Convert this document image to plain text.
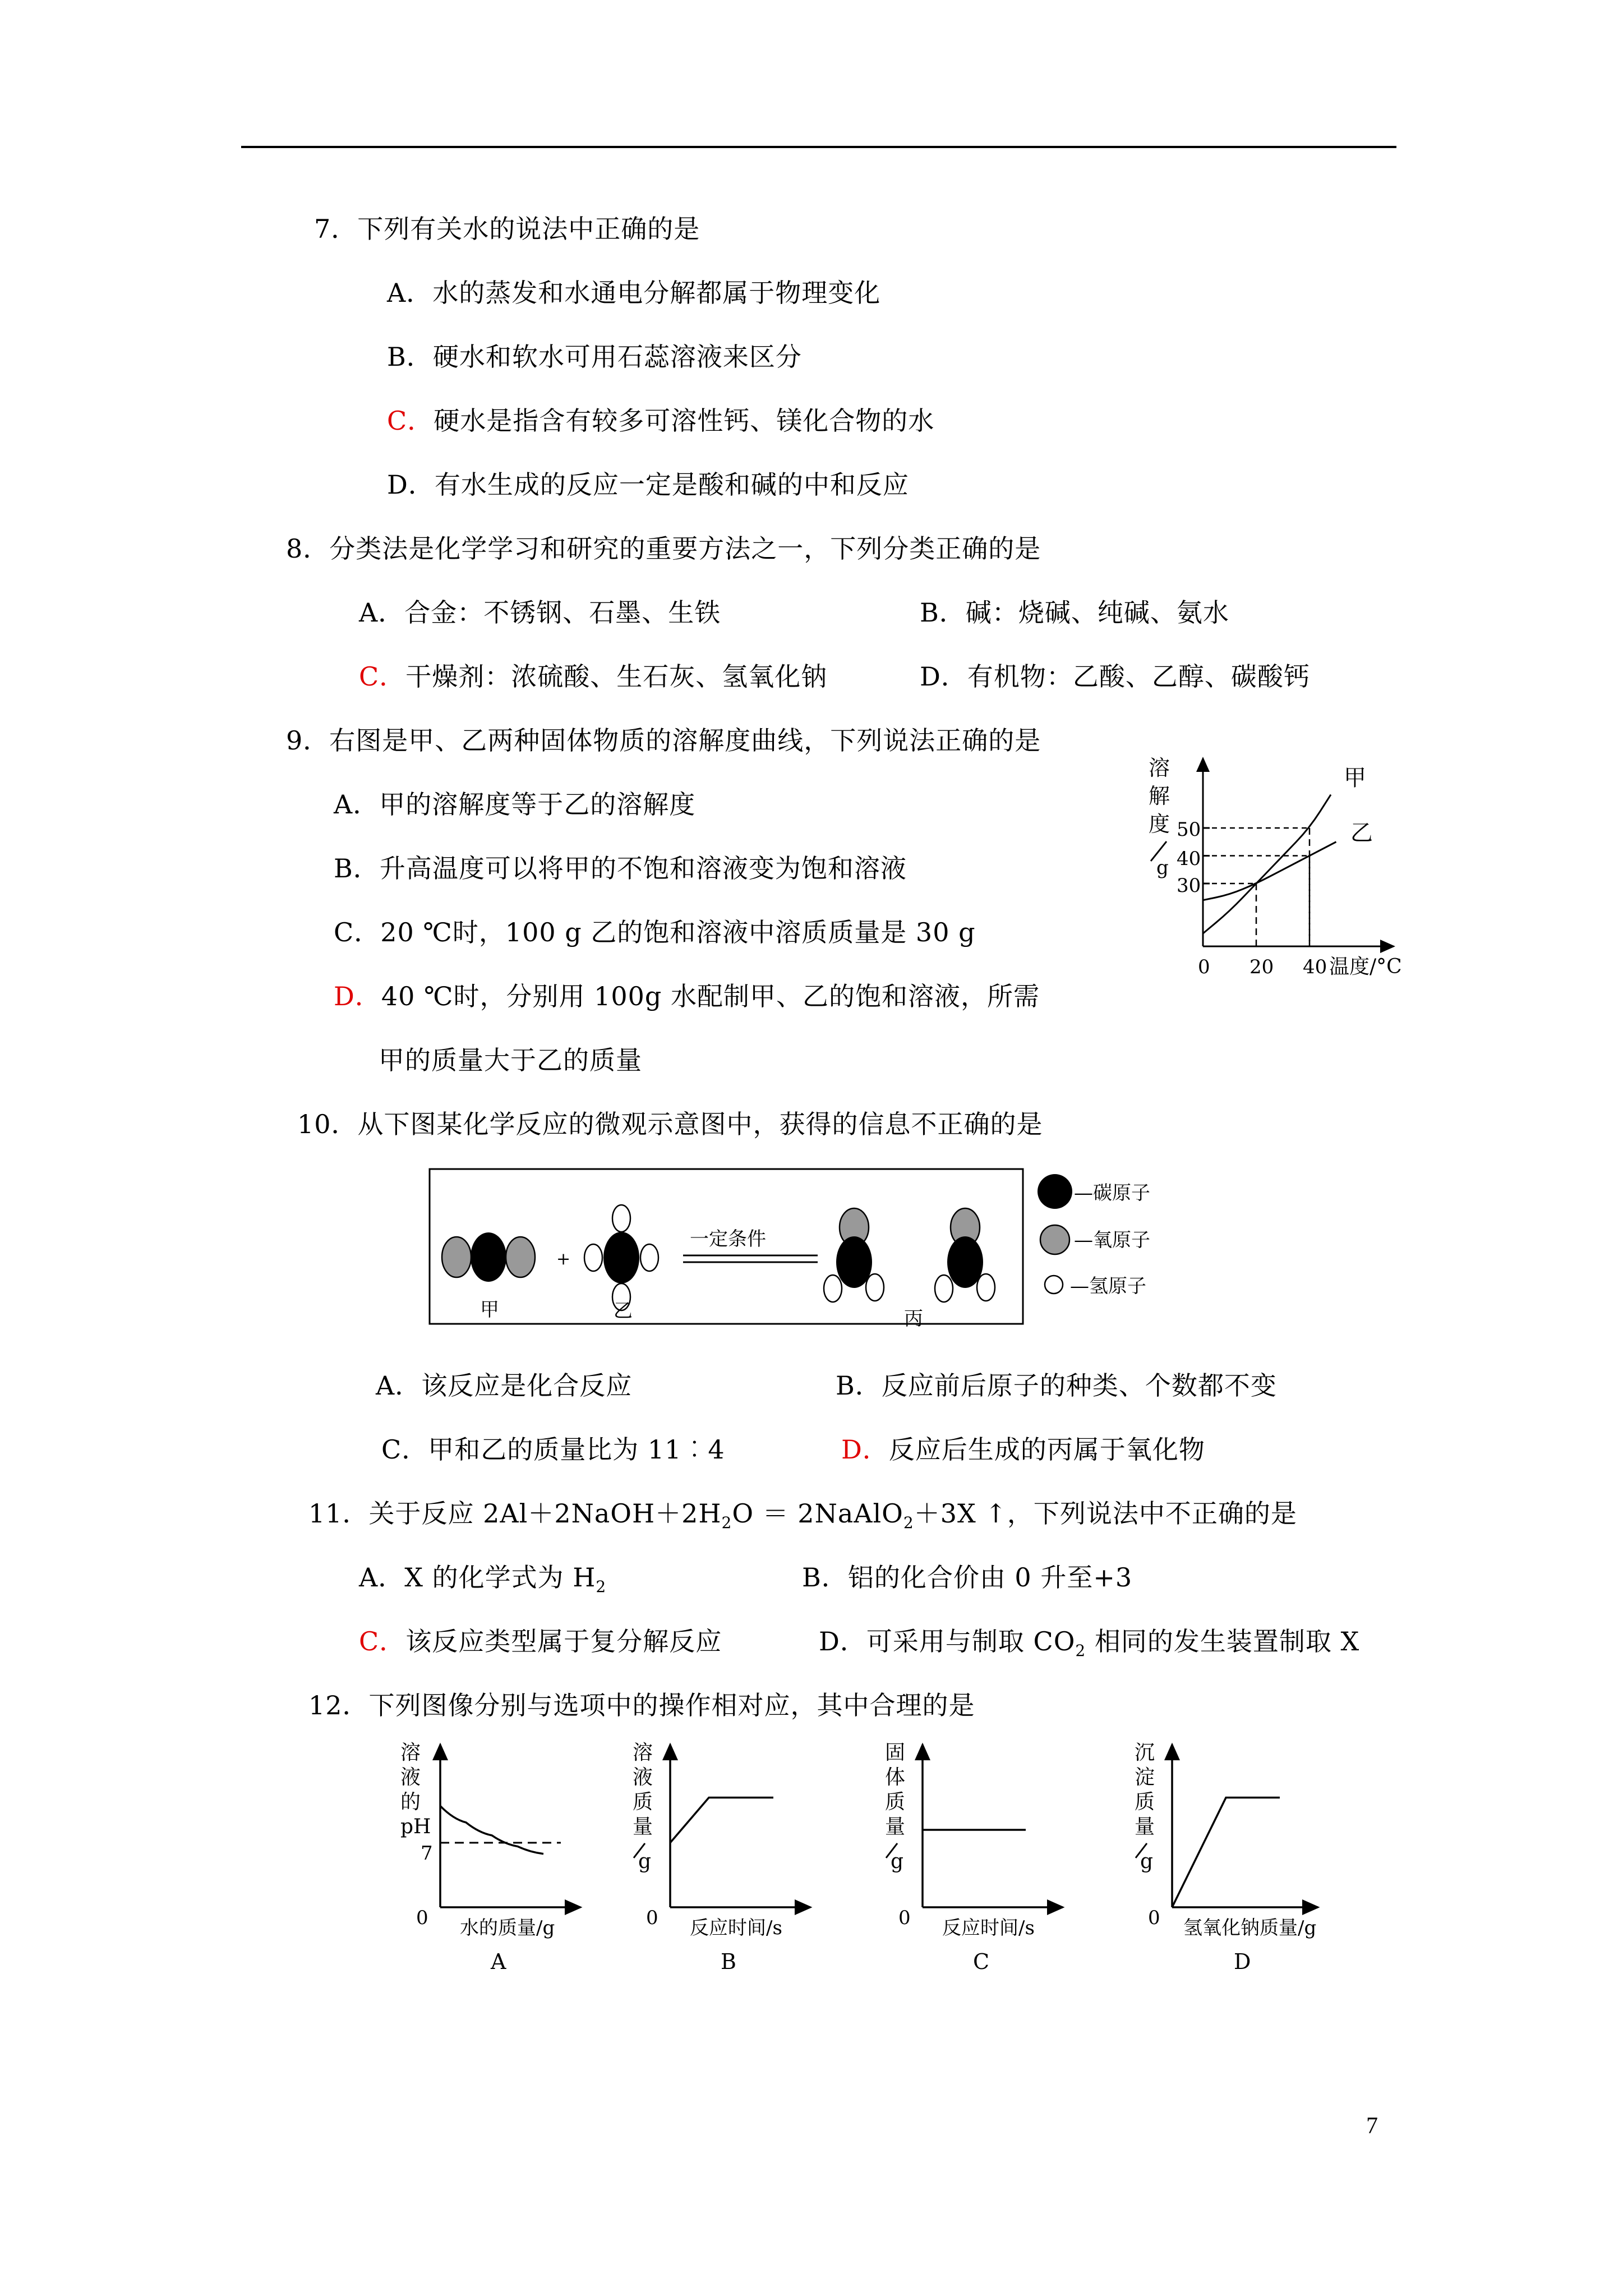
7．下列有关水的说法中正确的是
A．水的蒸发和水通电分解都属于物理变化
B．硬水和软水可用石蕊溶液来区分
C．硬水是指含有较多可溶性钙、镁化合物的水
D．有水生成的反应一定是酸和碱的中和反应
8．分类法是化学学习和研究的重要方法之一，下列分类正确的是
A．合金：不锈钢、石墨、生铁	B．碱：烧碱、纯碱、氨水
C．干燥剂：浓硫酸、生石灰、氢氧化钠	D．有机物：乙酸、乙醇、碳酸钙
9．右图是甲、乙两种固体物质的溶解度曲线，下列说法正确的是
A．甲的溶解度等于乙的溶解度
B．升高温度可以将甲的不饱和溶液变为饱和溶液
C．20 ℃时，100 g 乙的饱和溶液中溶质质量是 30 g
D．40 ℃时，分别用 100g 水配制甲、乙的饱和溶液，所需
甲的质量大于乙的质量
溶
解
度
g
50
40
30
0 20 40 温度/°C
甲
乙
10．从下图某化学反应的微观示意图中，获得的信息不正确的是
+
一定条件
甲	乙	丙
—碳原子
—氧原子
—氢原子
A．该反应是化合反应	B．反应前后原子的种类、个数都不变
C．甲和乙的质量比为 11︰4	D．反应后生成的丙属于氧化物
11．关于反应 $2Al+2NaOH+2H_2O$ ＝ 2NaAlO$_2$＋3X ↑，下列说法中不正确的是
A．X 的化学式为 $H_2$	B．铝的化合价由 0 升至+3
C．该反应类型属于复分解反应	D．可采用与制取 $CO_2$ 相同的发生装置制取 X
12．下列图像分别与选项中的操作相对应，其中合理的是
溶
液
的
pH
7
0 水的质量/g
A
溶
液
质
量
g
0 反应时间/s
B
固
体
质
量
g
0 反应时间/s
C
沉
淀
质
量
g
0 氢氧化钠质量/g
D
7
